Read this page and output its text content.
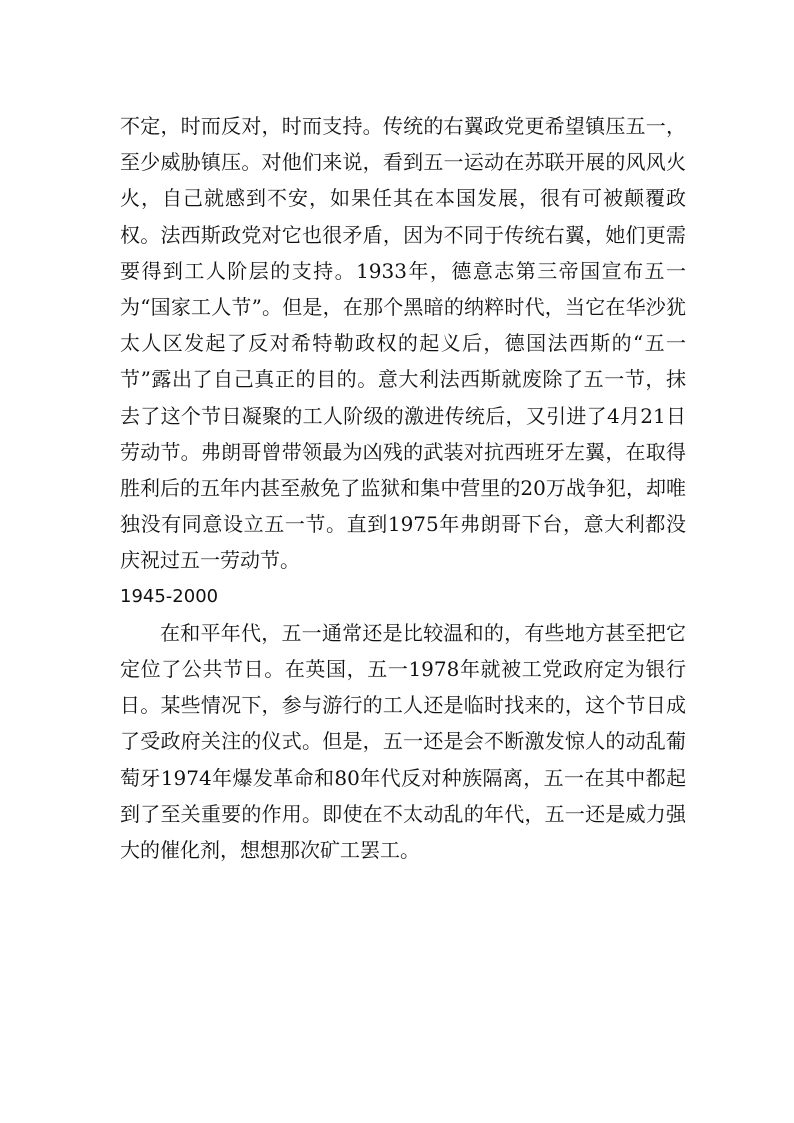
不定，时而反对，时而支持。传统的右翼政党更希望镇压五一，至少威胁镇压。对他们来说，看到五一运动在苏联开展的风风火火，自己就感到不安，如果任其在本国发展，很有可被颠覆政权。法西斯政党对它也很矛盾，因为不同于传统右翼，她们更需要得到工人阶层的支持。1933年，德意志第三帝国宣布五一为“国家工人节”。但是，在那个黑暗的纳粹时代，当它在华沙犹太人区发起了反对希特勒政权的起义后，德国法西斯的“五一节”露出了自己真正的目的。意大利法西斯就废除了五一节，抹去了这个节日凝聚的工人阶级的激进传统后，又引进了4月21日劳动节。弗朗哥曾带领最为凶残的武装对抗西班牙左翼，在取得胜利后的五年内甚至赦免了监狱和集中营里的20万战争犯，却唯独没有同意设立五一节。直到1975年弗朗哥下台，意大利都没庆祝过五一劳动节。

1945-2000

在和平年代，五一通常还是比较温和的，有些地方甚至把它定位了公共节日。在英国，五一1978年就被工党政府定为银行日。某些情况下，参与游行的工人还是临时找来的，这个节日成了受政府关注的仪式。但是，五一还是会不断激发惊人的动乱葡萄牙1974年爆发革命和80年代反对种族隔离，五一在其中都起到了至关重要的作用。即使在不太动乱的年代，五一还是威力强大的催化剂，想想那次矿工罢工。
